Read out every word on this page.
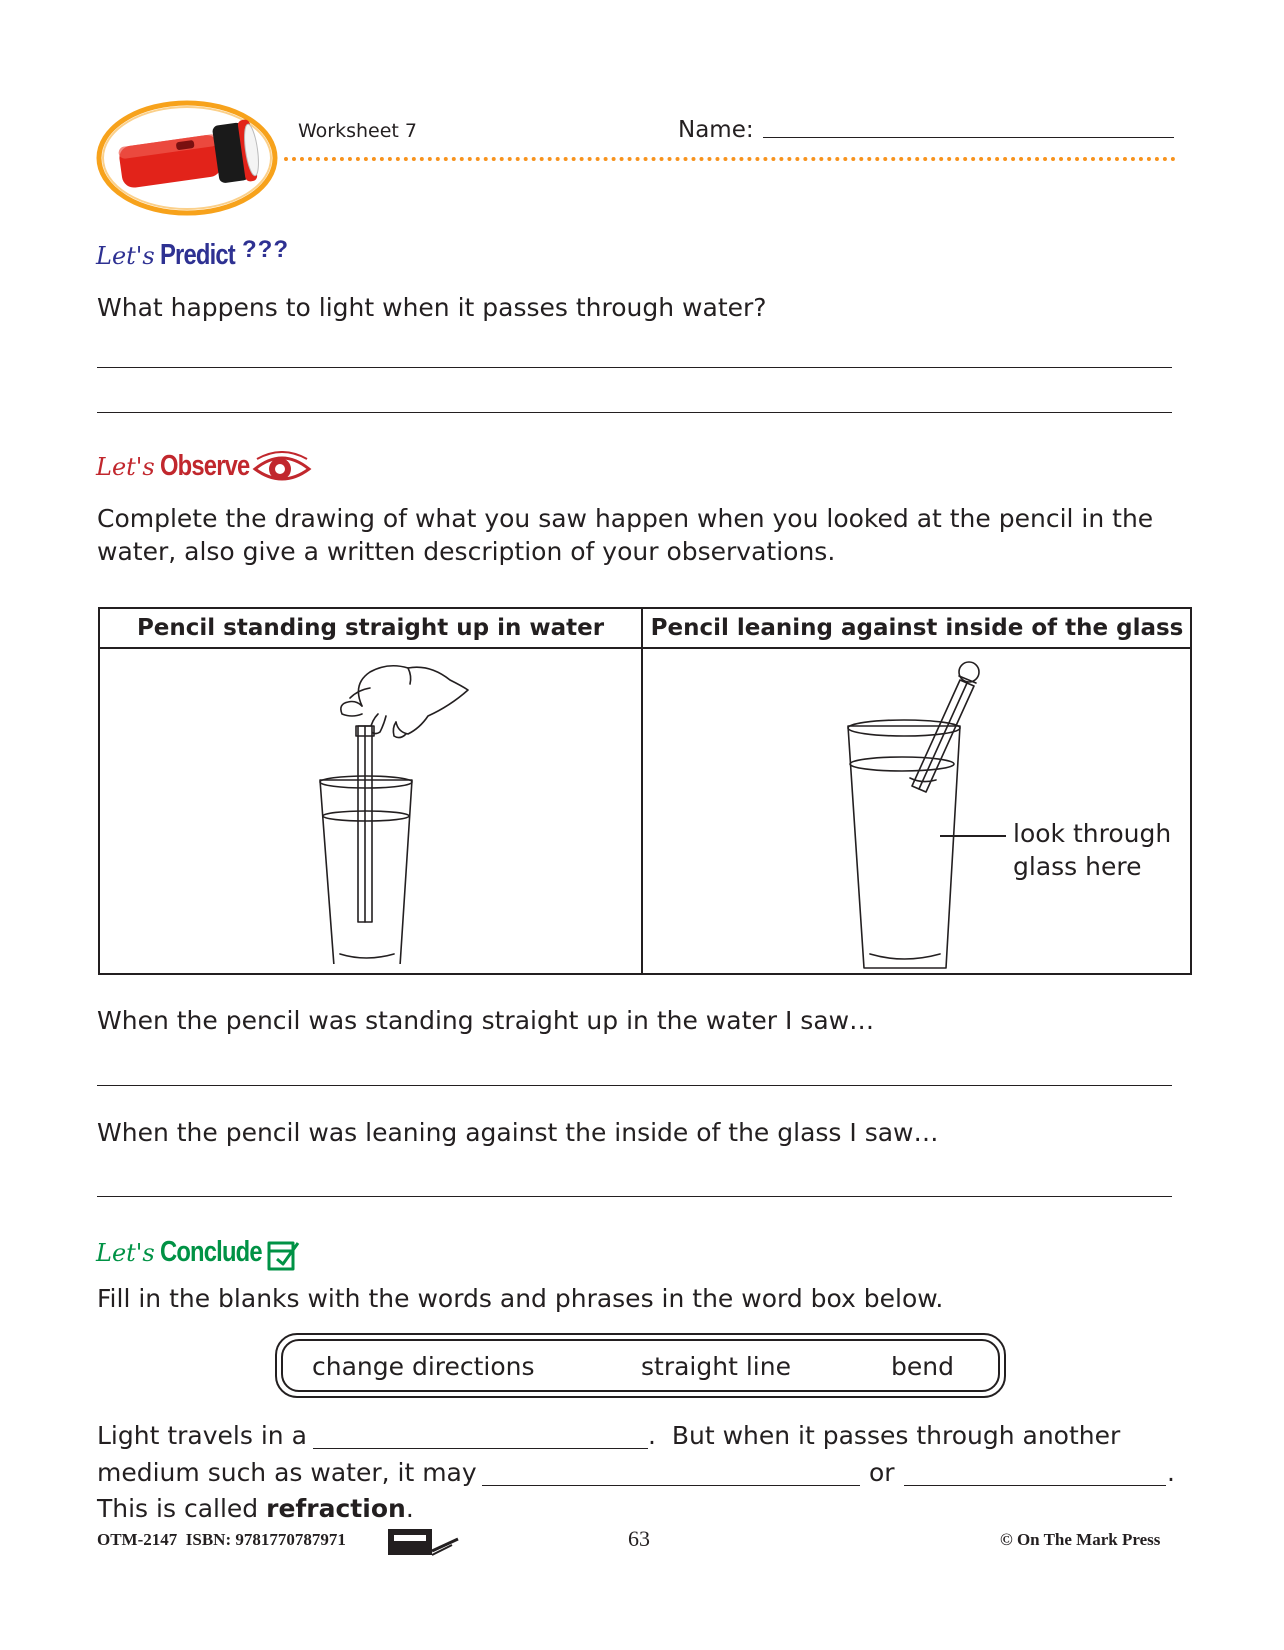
Worksheet 7	Name:
Let's Predict ???
What happens to light when it passes through water?
Let's Observe
Complete the drawing of what you saw happen when you looked at the pencil in the water, also give a written description of your observations.
Pencil standing straight up in water	Pencil leaning against inside of the glass
look through
glass here
When the pencil was standing straight up in the water I saw…
When the pencil was leaning against the inside of the glass I saw…
Let's Conclude
Fill in the blanks with the words and phrases in the word box below.
change directions	straight line	bend
Light travels in a	.  But when it passes through another
medium such as water, it may	or	.
This is called refraction.
OTM-2147  ISBN: 9781770787971	63	© On The Mark Press
